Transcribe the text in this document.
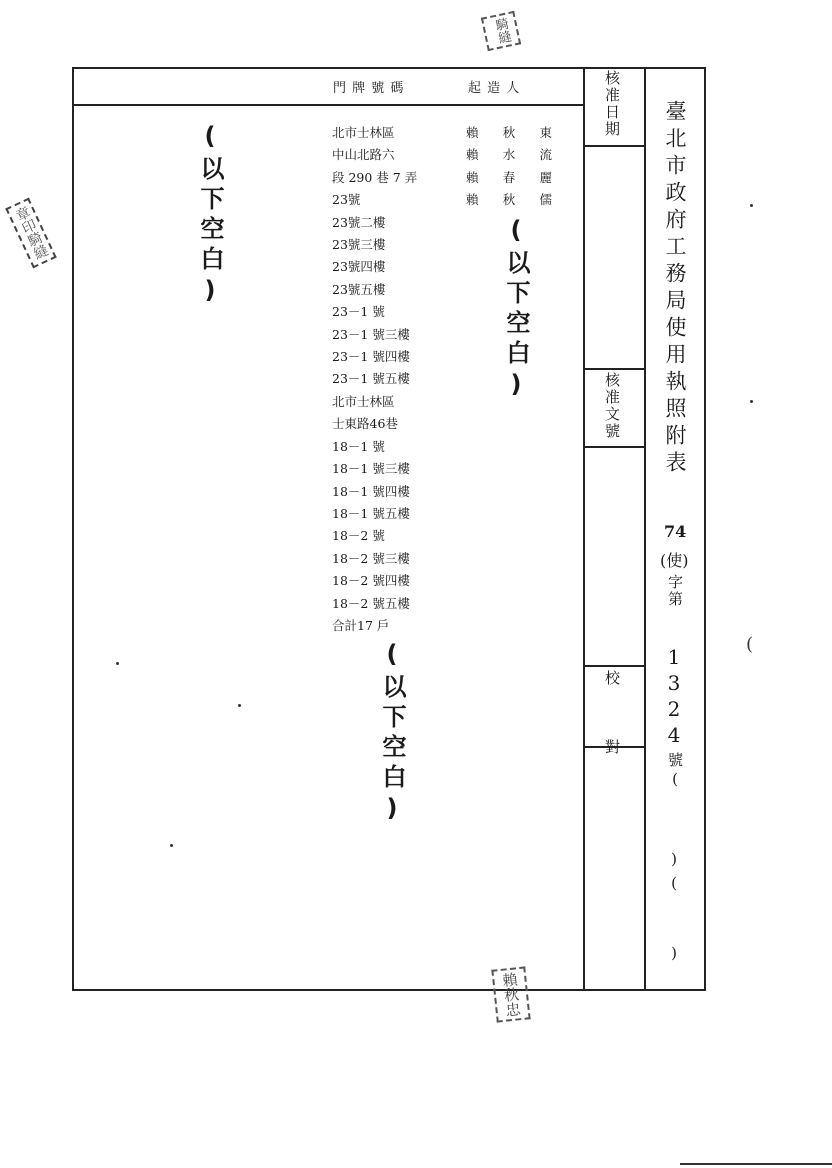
門 牌 號 碼	起 造 人
北市士林區
中山北路六
段 290 巷 7 弄
23號
23號二樓
23號三樓
23號四樓
23號五樓
23－1 號
23－1 號三樓
23－1 號四樓
23－1 號五樓
北市士林區
士東路46巷
18－1 號
18－1 號三樓
18－1 號四樓
18－1 號五樓
18－2 號
18－2 號三樓
18－2 號四樓
18－2 號五樓
合計17 戶
賴 秋 東
賴 水 流
賴 春 麗
賴 秋 儒
(以下空白)	(以下空白)
(以下空白)
核准日期
核准文號
校 對
臺北市政府工務局使用執照附表
74
(使)
字第
1324
號(
)(
)
章印騎縫
騎縫
賴秋忠
(
